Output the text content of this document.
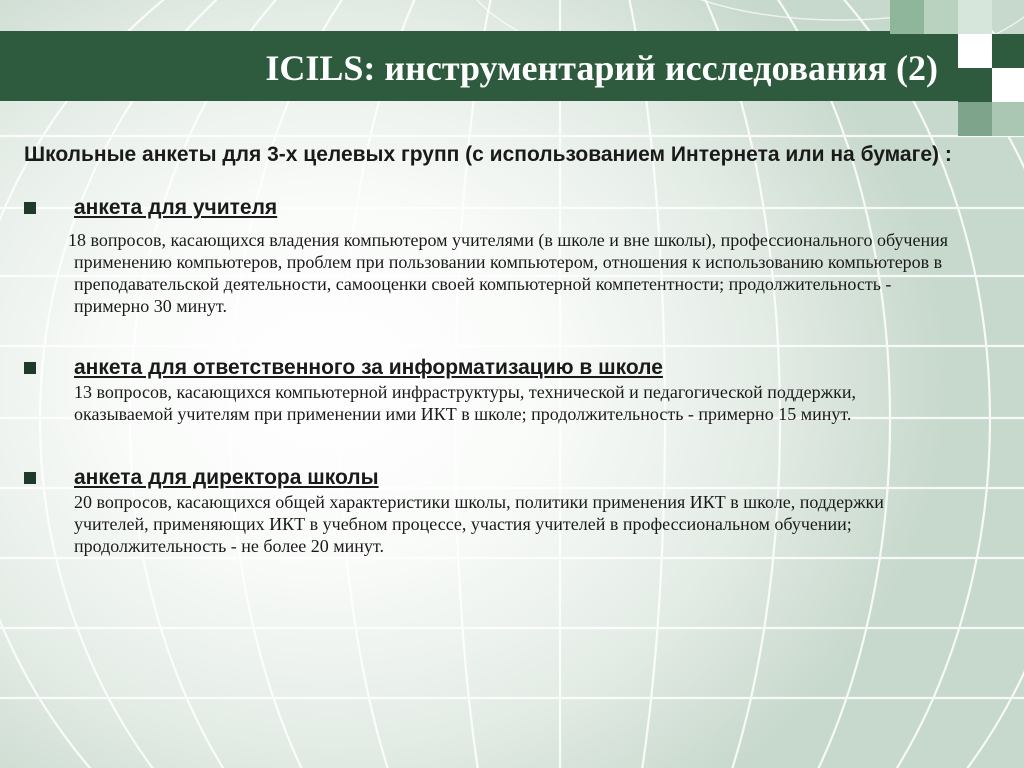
ICILS: инструментарий исследования (2)

Школьные анкеты для 3-х целевых групп (с использованием Интернета или на бумаге) :

анкета для учителя

18 вопросов, касающихся владения компьютером учителями (в школе и вне школы), профессионального обучения применению компьютеров, проблем при пользовании компьютером, отношения к использованию компьютеров в преподавательской деятельности, самооценки своей компьютерной компетентности; продолжительность - примерно 30 минут.

анкета для ответственного за информатизацию в школе

13 вопросов, касающихся компьютерной инфраструктуры, технической и педагогической поддержки, оказываемой учителям при применении ими ИКТ в школе; продолжительность - примерно 15 минут.

анкета для директора школы

20 вопросов, касающихся общей характеристики школы, политики применения ИКТ в школе, поддержки учителей, применяющих ИКТ в учебном процессе, участия учителей в профессиональном обучении; продолжительность - не более 20 минут.
